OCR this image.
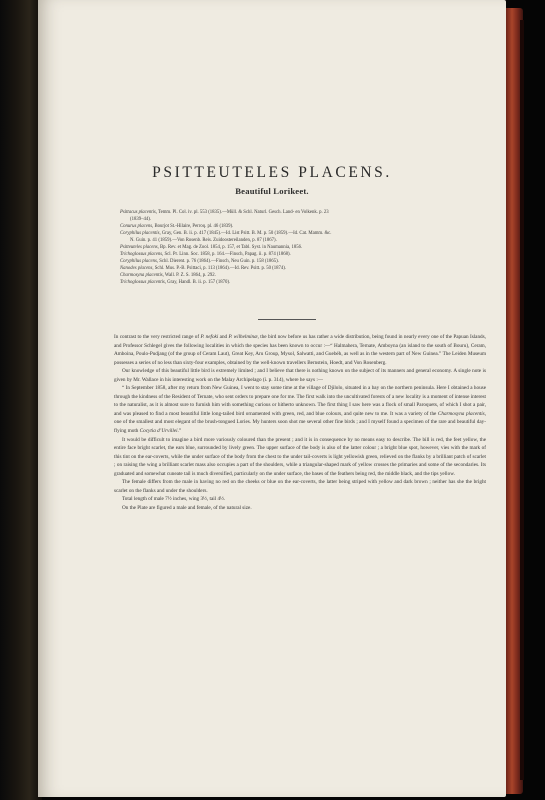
PSITTEUTELES PLACENS.
Beautiful Lorikeet.
Psittacus placentis, Temm. Pl. Col. iv. pl. 553 (1835).—Müll. & Schl. Naturl. Gesch. Land- en Volkenk. p. 23
(1839–44).
Conurus placens, Bourjot St.-Hilaire, Perroq. pl. 46 (1839).
Coryphilus placentis, Gray, Gen. B. ii. p. 417 (1845).—Id. List Psitt. B. M. p. 50 (1859).—Id. Cat. Mamm. &c.
N. Guin. p. 41 (1859).—Von Rosenb. Reis. Zuidoostereilanden, p. 87 (1867).
Psitteuteles placens, Bp. Rev. et Mag. de Zool. 1854, p. 157, et Tabl. Syst. in Naumannia, 1856.
Trichoglossus placens, Scl. Pr. Linn. Soc. 1858, p. 164.—Finsch, Papag. ii. p. 874 (1868).
Coryphilus placens, Schl. Dierent. p. 76 (1864).—Finsch, Neu Guin. p. 158 (1865).
Nanodes placens, Schl. Mus. P.-B. Psittaci, p. 113 (1864).—Id. Rev. Psitt. p. 50 (1874).
Charmosyna placentis, Wall. P. Z. S. 1864, p. 292.
Trichoglossus placentis, Gray, Handl. B. ii. p. 157 (1870).

In contrast to the very restricted range of P. nefoki and P. wilhelminæ, the bird now before us has rather a wide distribution, being found in nearly every one of the Papuan Islands, and Professor Schlegel gives the following localities in which the species has been known to occur :—“ Halmahera, Ternate, Amboyna (an island to the south of Bouru), Ceram, Amboina, Poulo-Pudjang (of the group of Ceram Laut), Great Key, Aru Group, Mysol, Salwatti, and Guebéh, as well as in the western part of New Guinea.” The Leiden Museum possesses a series of no less than sixty-four examples, obtained by the well-known travellers Bernstein, Hoedt, and Von Rosenberg.

Our knowledge of this beautiful little bird is extremely limited ; and I believe that there is nothing known on the subject of its manners and general economy. A single note is given by Mr. Wallace in his interesting work on the Malay Archipelago (i. p. 314), where he says :—

“ In September 1858, after my return from New Guinea, I went to stay some time at the village of Djilolo, situated in a bay on the northern peninsula. Here I obtained a house through the kindness of the Resident of Ternate, who sent orders to prepare one for me. The first walk into the uncultivated forests of a new locality is a moment of intense interest to the naturalist, as it is almost sure to furnish him with something curious or hitherto unknown. The first thing I saw here was a flock of small Paroquets, of which I shot a pair, and was pleased to find a most beautiful little long-tailed bird ornamented with green, red, and blue colours, and quite new to me. It was a variety of the Charmosyna placentis, one of the smallest and most elegant of the brush-tongued Lories. My hunters soon shot me several other fine birds ; and I myself found a specimen of the rare and beautiful day-flying moth Cocytia d’Urvillei.”

It would be difficult to imagine a bird more variously coloured than the present ; and it is in consequence by no means easy to describe. The bill is red, the feet yellow, the entire face bright scarlet, the ears blue, surrounded by lively green. The upper surface of the body is also of the latter colour ; a bright blue spot, however, vies with the mark of this tint on the ear-coverts, while the under surface of the body from the chest to the under tail-coverts is light yellowish green, relieved on the flanks by a brilliant patch of scarlet ; on raising the wing a brilliant scarlet mass also occupies a part of the shoulders, while a triangular-shaped mark of yellow crosses the primaries and some of the secondaries. Its graduated and somewhat cuneate tail is much diversified, particularly on the under surface, the bases of the feathers being red, the middle black, and the tips yellow.

The female differs from the male in having no red on the cheeks or blue on the ear-coverts, the latter being striped with yellow and dark brown ; neither has she the bright scarlet on the flanks and under the shoulders.

Total length of male 7½ inches, wing 3½, tail 4½.

On the Plate are figured a male and female, of the natural size.
